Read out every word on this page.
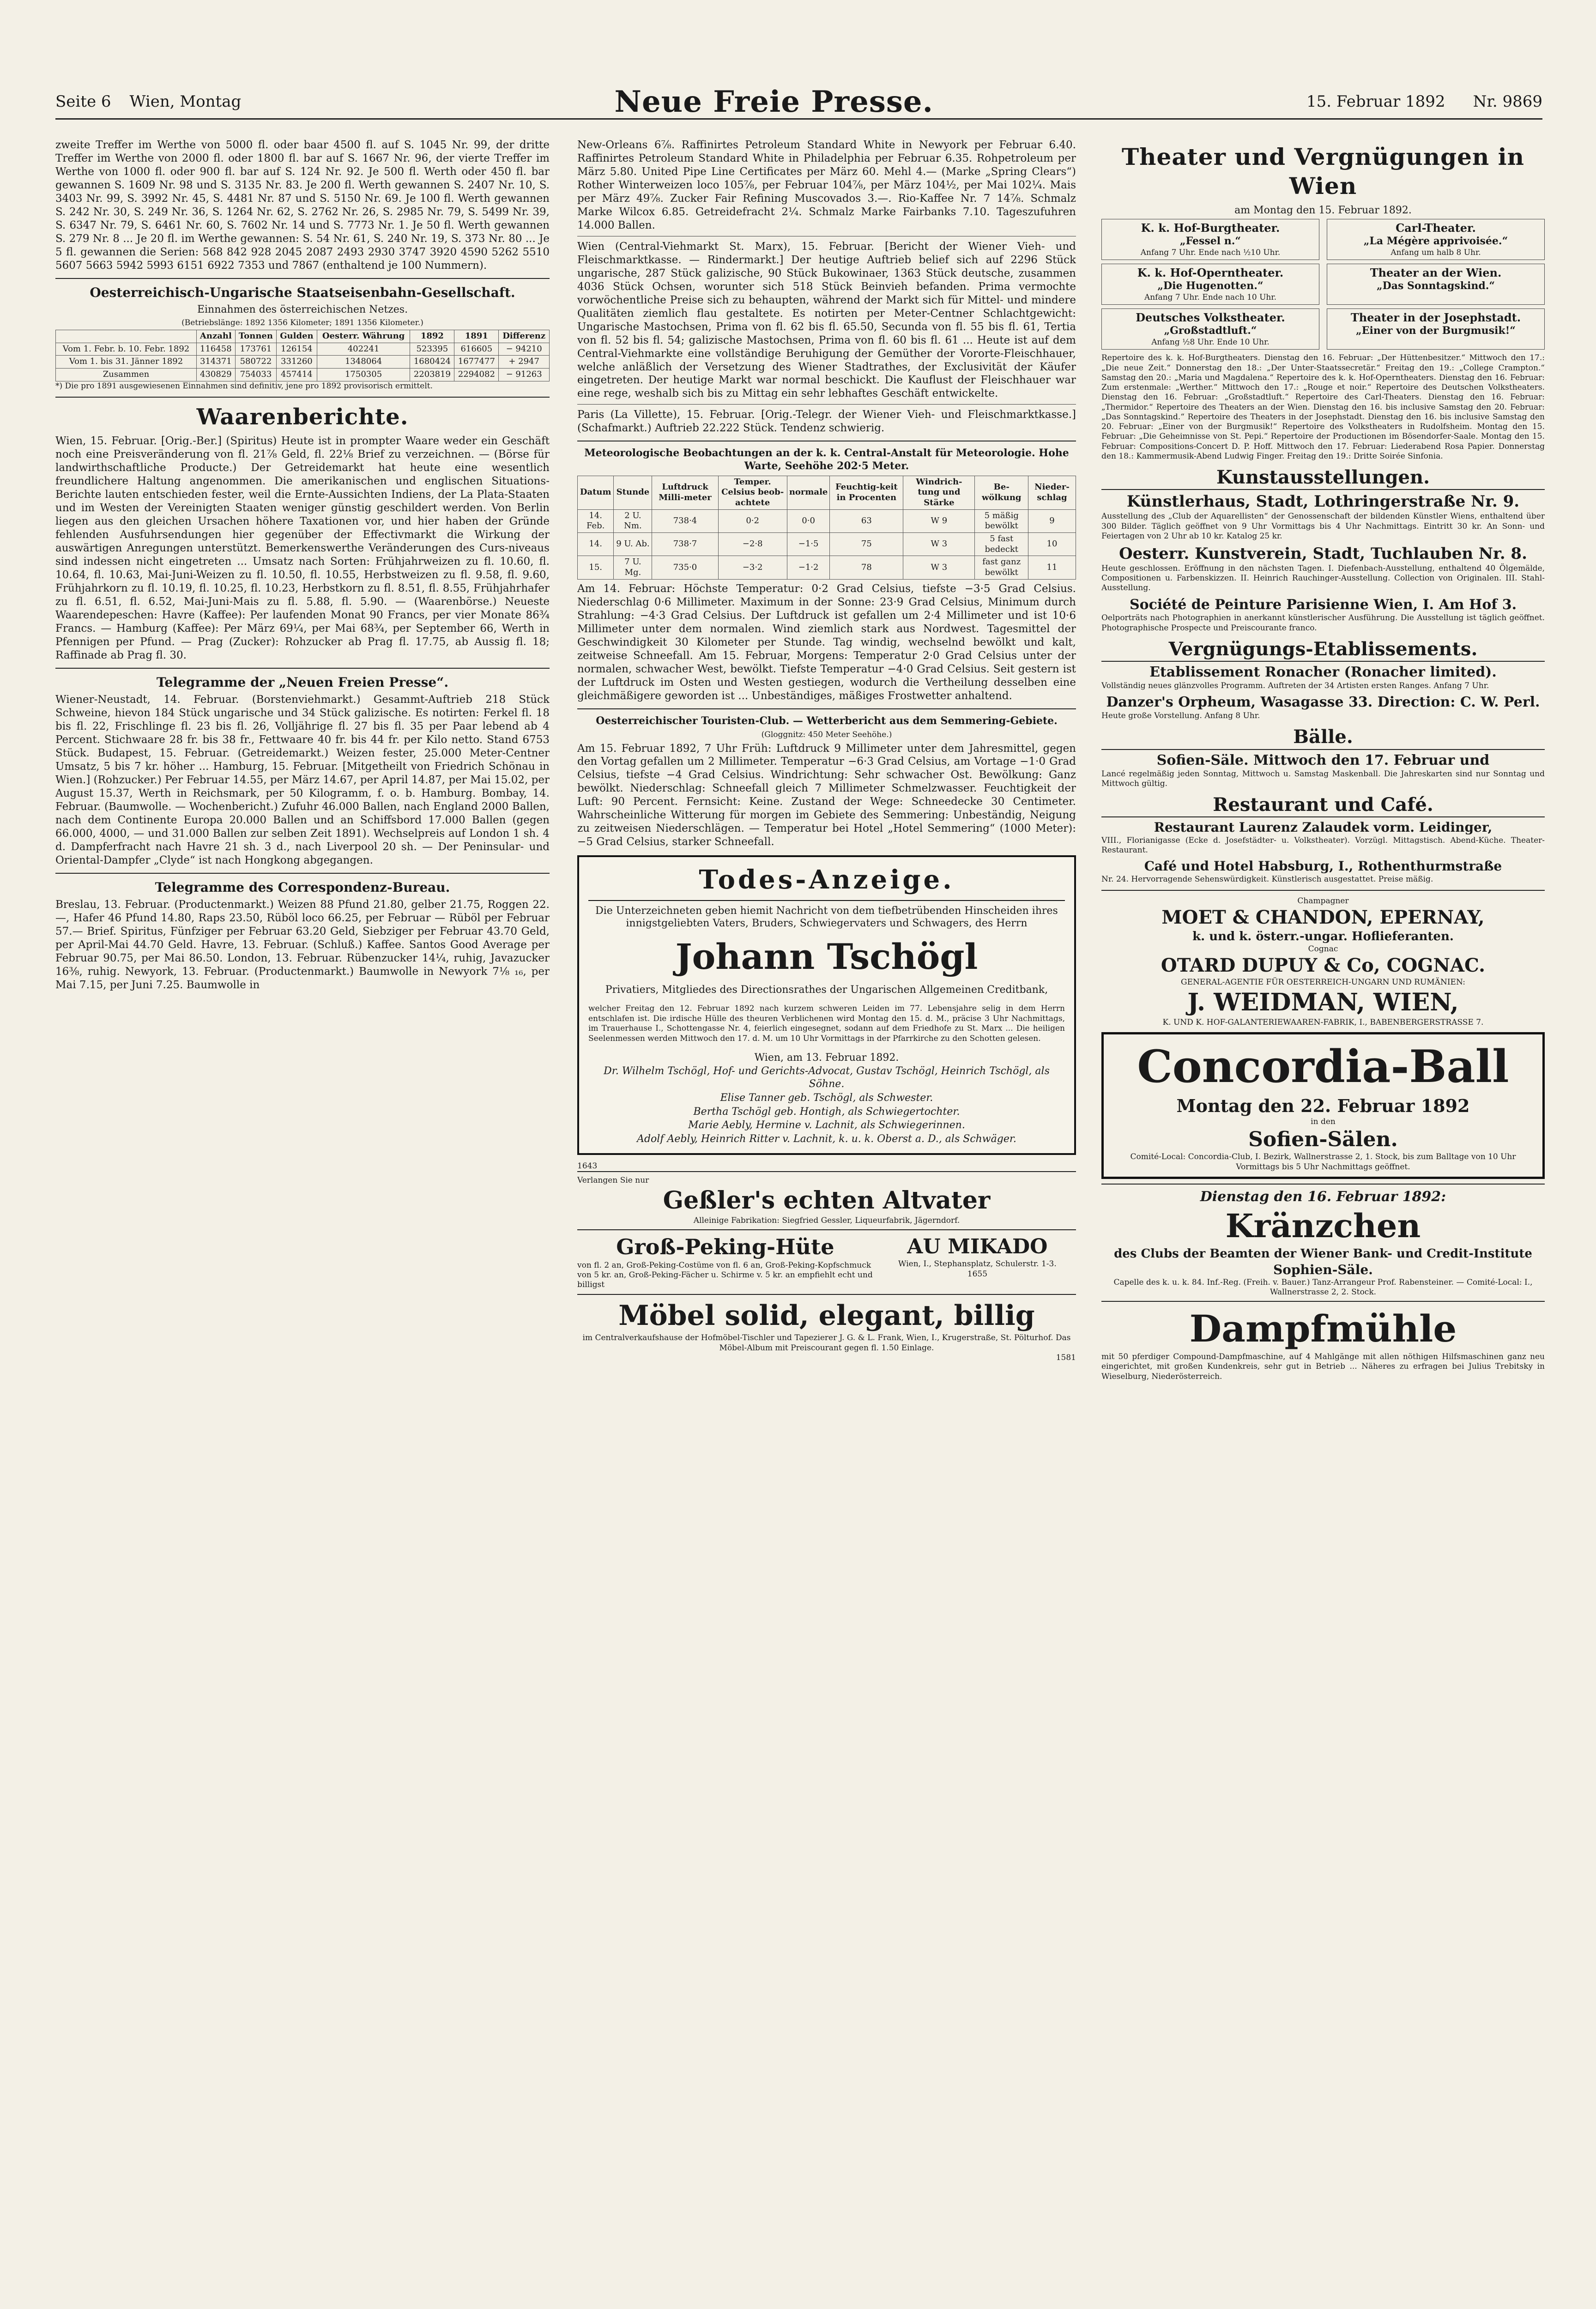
Seite 6 Wien, Montag	Neue Freie Presse.	15. Februar 1892 Nr. 9869

zweite Treffer im Werthe von 5000 fl. oder baar 4500 fl. auf S. 1045 Nr. 99, der dritte Treffer im Werthe von 2000 fl. oder 1800 fl. bar auf S. 1667 Nr. 96, der vierte Treffer im Werthe von 1000 fl. oder 900 fl. bar auf S. 124 Nr. 92. Je 500 fl. Werth oder 450 fl. bar gewannen S. 1609 Nr. 98 und S. 3135 Nr. 83. Je 200 fl. Werth gewannen S. 2407 Nr. 10, S. 3403 Nr. 99, S. 3992 Nr. 45, S. 4481 Nr. 87 und S. 5150 Nr. 69. Je 100 fl. Werth gewannen S. 242 Nr. 30, S. 249 Nr. 36, S. 1264 Nr. 62, S. 2762 Nr. 26, S. 2985 Nr. 79, S. 5499 Nr. 39, S. 6347 Nr. 79, S. 6461 Nr. 60, S. 7602 Nr. 14 und S. 7773 Nr. 1. Je 50 fl. Werth gewannen S. 279 Nr. 8 ... Je 20 fl. im Werthe gewannen: S. 54 Nr. 61, S. 240 Nr. 19, S. 373 Nr. 80 ... Je 5 fl. gewannen die Serien: 568 842 928 2045 2087 2493 2930 3747 3920 4590 5262 5510 5607 5663 5942 5993 6151 6922 7353 und 7867 (enthaltend je 100 Nummern).

Oesterreichisch-Ungarische Staatseisenbahn-Gesellschaft.
Einnahmen des österreichischen Netzes.
(Betriebslänge: 1892 1356 Kilometer; 1891 1356 Kilometer.)
	Anzahl	Tonnen	Gulden	Oesterr. Währung	1892	1891	Differenz
Vom 1. Febr. b. 10. Febr. 1892	116458	173761	126154	402241	523395	616605	− 94210
Vom 1. bis 31. Jänner 1892	314371	580722	331260	1348064	1680424	1677477	+ 2947
Zusammen	430829	754033	457414	1750305	2203819	2294082	− 91263
*) Die pro 1891 ausgewiesenen Einnahmen sind definitiv, jene pro 1892 provisorisch ermittelt.
Waarenberichte.

Wien, 15. Februar. [Orig.-Ber.] (Spiritus) Heute ist in prompter Waare weder ein Geschäft noch eine Preisveränderung von fl. 21⅞ Geld, fl. 22⅛ Brief zu verzeichnen. — (Börse für landwirthschaftliche Producte.) Der Getreidemarkt hat heute eine wesentlich freundlichere Haltung angenommen. Die amerikanischen und englischen Situations-Berichte lauten entschieden fester, weil die Ernte-Aussichten Indiens, der La Plata-Staaten und im Westen der Vereinigten Staaten weniger günstig geschildert werden. Von Berlin liegen aus den gleichen Ursachen höhere Taxationen vor, und hier haben der Gründe fehlenden Ausfuhrsendungen hier gegenüber der Effectivmarkt die Wirkung der auswärtigen Anregungen unterstützt. Bemerkenswerthe Veränderungen des Curs-niveaus sind indessen nicht eingetreten ... Umsatz nach Sorten: Frühjahrweizen zu fl. 10.60, fl. 10.64, fl. 10.63, Mai-Juni-Weizen zu fl. 10.50, fl. 10.55, Herbstweizen zu fl. 9.58, fl. 9.60, Frühjahrkorn zu fl. 10.19, fl. 10.25, fl. 10.23, Herbstkorn zu fl. 8.51, fl. 8.55, Frühjahrhafer zu fl. 6.51, fl. 6.52, Mai-Juni-Mais zu fl. 5.88, fl. 5.90. — (Waarenbörse.) Neueste Waarendepeschen: Havre (Kaffee): Per laufenden Monat 90 Francs, per vier Monate 86¾ Francs. — Hamburg (Kaffee): Per März 69¼, per Mai 68¾, per September 66, Werth in Pfennigen per Pfund. — Prag (Zucker): Rohzucker ab Prag fl. 17.75, ab Aussig fl. 18; Raffinade ab Prag fl. 30.

Telegramme der „Neuen Freien Presse“.

Wiener-Neustadt, 14. Februar. (Borstenviehmarkt.) Gesammt-Auftrieb 218 Stück Schweine, hievon 184 Stück ungarische und 34 Stück galizische. Es notirten: Ferkel fl. 18 bis fl. 22, Frischlinge fl. 23 bis fl. 26, Volljährige fl. 27 bis fl. 35 per Paar lebend ab 4 Percent. Stichwaare 28 fr. bis 38 fr., Fettwaare 40 fr. bis 44 fr. per Kilo netto. Stand 6753 Stück. Budapest, 15. Februar. (Getreidemarkt.) Weizen fester, 25.000 Meter-Centner Umsatz, 5 bis 7 kr. höher ... Hamburg, 15. Februar. [Mitgetheilt von Friedrich Schönau in Wien.] (Rohzucker.) Per Februar 14.55, per März 14.67, per April 14.87, per Mai 15.02, per August 15.37, Werth in Reichsmark, per 50 Kilogramm, f. o. b. Hamburg. Bombay, 14. Februar. (Baumwolle. — Wochenbericht.) Zufuhr 46.000 Ballen, nach England 2000 Ballen, nach dem Continente Europa 20.000 Ballen und an Schiffsbord 17.000 Ballen (gegen 66.000, 4000, — und 31.000 Ballen zur selben Zeit 1891). Wechselpreis auf London 1 sh. 4 d. Dampferfracht nach Havre 21 sh. 3 d., nach Liverpool 20 sh. — Der Peninsular- und Oriental-Dampfer „Clyde“ ist nach Hongkong abgegangen.

Telegramme des Correspondenz-Bureau.

Breslau, 13. Februar. (Productenmarkt.) Weizen 88 Pfund 21.80, gelber 21.75, Roggen 22.—, Hafer 46 Pfund 14.80, Raps 23.50, Rüböl loco 66.25, per Februar — Rüböl per Februar 57.— Brief. Spiritus, Fünfziger per Februar 63.20 Geld, Siebziger per Februar 43.70 Geld, per April-Mai 44.70 Geld. Havre, 13. Februar. (Schluß.) Kaffee. Santos Good Average per Februar 90.75, per Mai 86.50. London, 13. Februar. Rübenzucker 14¼, ruhig, Javazucker 16⅜, ruhig. Newyork, 13. Februar. (Productenmarkt.) Baumwolle in Newyork 7⅛ ₁₆, per Mai 7.15, per Juni 7.25. Baumwolle in

New-Orleans 6⅞. Raffinirtes Petroleum Standard White in Newyork per Februar 6.40. Raffinirtes Petroleum Standard White in Philadelphia per Februar 6.35. Rohpetroleum per März 5.80. United Pipe Line Certificates per März 60. Mehl 4.— (Marke „Spring Clears“) Rother Winterweizen loco 105⅞, per Februar 104⅞, per März 104½, per Mai 102¼. Mais per März 49⅞. Zucker Fair Refining Muscovados 3.—. Rio-Kaffee Nr. 7 14⅞. Schmalz Marke Wilcox 6.85. Getreidefracht 2¼. Schmalz Marke Fairbanks 7.10. Tageszufuhren 14.000 Ballen.

Wien (Central-Viehmarkt St. Marx), 15. Februar. [Bericht der Wiener Vieh- und Fleischmarktkasse. — Rindermarkt.] Der heutige Auftrieb belief sich auf 2296 Stück ungarische, 287 Stück galizische, 90 Stück Bukowinaer, 1363 Stück deutsche, zusammen 4036 Stück Ochsen, worunter sich 518 Stück Beinvieh befanden. Prima vermochte vorwöchentliche Preise sich zu behaupten, während der Markt sich für Mittel- und mindere Qualitäten ziemlich flau gestaltete. Es notirten per Meter-Centner Schlachtgewicht: Ungarische Mastochsen, Prima von fl. 62 bis fl. 65.50, Secunda von fl. 55 bis fl. 61, Tertia von fl. 52 bis fl. 54; galizische Mastochsen, Prima von fl. 60 bis fl. 61 ... Heute ist auf dem Central-Viehmarkte eine vollständige Beruhigung der Gemüther der Vororte-Fleischhauer, welche anläßlich der Versetzung des Wiener Stadtrathes, der Exclusivität der Käufer eingetreten. Der heutige Markt war normal beschickt. Die Kauflust der Fleischhauer war eine rege, weshalb sich bis zu Mittag ein sehr lebhaftes Geschäft entwickelte.

Paris (La Villette), 15. Februar. [Orig.-Telegr. der Wiener Vieh- und Fleischmarktkasse.] (Schafmarkt.) Auftrieb 22.222 Stück. Tendenz schwierig.

Meteorologische Beobachtungen an der k. k. Central-Anstalt für Meteorologie. Hohe Warte, Seehöhe 202·5 Meter.
Datum	Stunde	Luftdruck Milli-meter	Temper. Celsius beob-achtete	normale	Feuchtig-keit in Procenten	Windrich-tung und Stärke	Be-wölkung	Nieder-schlag
14. Feb.	2 U. Nm.	738·4	0·2	0·0	63	W 9	5 mäßig bewölkt	9
14.	9 U. Ab.	738·7	−2·8	−1·5	75	W 3	5 fast bedeckt	10
15.	7 U. Mg.	735·0	−3·2	−1·2	78	W 3	fast ganz bewölkt	11

Am 14. Februar: Höchste Temperatur: 0·2 Grad Celsius, tiefste −3·5 Grad Celsius. Niederschlag 0·6 Millimeter. Maximum in der Sonne: 23·9 Grad Celsius, Minimum durch Strahlung: −4·3 Grad Celsius. Der Luftdruck ist gefallen um 2·4 Millimeter und ist 10·6 Millimeter unter dem normalen. Wind ziemlich stark aus Nordwest. Tagesmittel der Geschwindigkeit 30 Kilometer per Stunde. Tag windig, wechselnd bewölkt und kalt, zeitweise Schneefall. Am 15. Februar, Morgens: Temperatur 2·0 Grad Celsius unter der normalen, schwacher West, bewölkt. Tiefste Temperatur −4·0 Grad Celsius. Seit gestern ist der Luftdruck im Osten und Westen gestiegen, wodurch die Vertheilung desselben eine gleichmäßigere geworden ist ... Unbeständiges, mäßiges Frostwetter anhaltend.

Oesterreichischer Touristen-Club. — Wetterbericht aus dem Semmering-Gebiete.
(Gloggnitz: 450 Meter Seehöhe.)

Am 15. Februar 1892, 7 Uhr Früh: Luftdruck 9 Millimeter unter dem Jahresmittel, gegen den Vortag gefallen um 2 Millimeter. Temperatur −6·3 Grad Celsius, am Vortage −1·0 Grad Celsius, tiefste −4 Grad Celsius. Windrichtung: Sehr schwacher Ost. Bewölkung: Ganz bewölkt. Niederschlag: Schneefall gleich 7 Millimeter Schmelzwasser. Feuchtigkeit der Luft: 90 Percent. Fernsicht: Keine. Zustand der Wege: Schneedecke 30 Centimeter. Wahrscheinliche Witterung für morgen im Gebiete des Semmering: Unbeständig, Neigung zu zeitweisen Niederschlägen. — Temperatur bei Hotel „Hotel Semmering“ (1000 Meter): −5 Grad Celsius, starker Schneefall.

Todes-Anzeige.
Die Unterzeichneten geben hiemit Nachricht von dem tiefbetrübenden Hinscheiden ihres innigstgeliebten Vaters, Bruders, Schwiegervaters und Schwagers, des Herrn
Johann Tschögl
Privatiers, Mitgliedes des Directionsrathes der Ungarischen Allgemeinen Creditbank,

welcher Freitag den 12. Februar 1892 nach kurzem schweren Leiden im 77. Lebensjahre selig in dem Herrn entschlafen ist. Die irdische Hülle des theuren Verblichenen wird Montag den 15. d. M., präcise 3 Uhr Nachmittags, im Trauerhause I., Schottengasse Nr. 4, feierlich eingesegnet, sodann auf dem Friedhofe zu St. Marx ... Die heiligen Seelenmessen werden Mittwoch den 17. d. M. um 10 Uhr Vormittags in der Pfarrkirche zu den Schotten gelesen.

Wien, am 13. Februar 1892.
Dr. Wilhelm Tschögl, Hof- und Gerichts-Advocat, Gustav Tschögl, Heinrich Tschögl, als Söhne.
Elise Tanner geb. Tschögl, als Schwester.
Bertha Tschögl geb. Hontigh, als Schwiegertochter.
Marie Aebly, Hermine v. Lachnit, als Schwiegerinnen.
Adolf Aebly, Heinrich Ritter v. Lachnit, k. u. k. Oberst a. D., als Schwäger.
1643
Verlangen Sie nur
Geßler's echten Altvater
Alleinige Fabrikation: Siegfried Gessler, Liqueurfabrik, Jägerndorf.
Groß-Peking-Hüte
von fl. 2 an, Groß-Peking-Costüme von fl. 6 an, Groß-Peking-Kopfschmuck von 5 kr. an, Groß-Peking-Fächer u. Schirme v. 5 kr. an empfiehlt echt und billigst
AU MIKADO
Wien, I., Stephansplatz, Schulerstr. 1-3.
1655
Möbel solid, elegant, billig
im Centralverkaufshause der Hofmöbel-Tischler und Tapezierer J. G. & L. Frank, Wien, I., Krugerstraße, St. Pölturhof. Das Möbel-Album mit Preiscourant gegen fl. 1.50 Einlage.
1581
Theater und Vergnügungen in Wien
am Montag den 15. Februar 1892.
K. k. Hof-Burgtheater.
„Fessel n.“
Anfang 7 Uhr. Ende nach ½10 Uhr.
Carl-Theater.
„La Mégère apprivoisée.“
Anfang um halb 8 Uhr.
K. k. Hof-Operntheater.
„Die Hugenotten.“
Anfang 7 Uhr. Ende nach 10 Uhr.
Theater an der Wien.
„Das Sonntagskind.“
Deutsches Volkstheater.
„Großstadtluft.“
Anfang ½8 Uhr. Ende 10 Uhr.
Theater in der Josephstadt.
„Einer von der Burgmusik!“

Repertoire des k. k. Hof-Burgtheaters. Dienstag den 16. Februar: „Der Hüttenbesitzer.“ Mittwoch den 17.: „Die neue Zeit.“ Donnerstag den 18.: „Der Unter-Staatssecretär.“ Freitag den 19.: „College Crampton.“ Samstag den 20.: „Maria und Magdalena.“ Repertoire des k. k. Hof-Operntheaters. Dienstag den 16. Februar: Zum erstenmale: „Werther.“ Mittwoch den 17.: „Rouge et noir.“ Repertoire des Deutschen Volkstheaters. Dienstag den 16. Februar: „Großstadtluft.“ Repertoire des Carl-Theaters. Dienstag den 16. Februar: „Thermidor.“ Repertoire des Theaters an der Wien. Dienstag den 16. bis inclusive Samstag den 20. Februar: „Das Sonntagskind.“ Repertoire des Theaters in der Josephstadt. Dienstag den 16. bis inclusive Samstag den 20. Februar: „Einer von der Burgmusik!“ Repertoire des Volkstheaters in Rudolfsheim. Montag den 15. Februar: „Die Geheimnisse von St. Pepi.“ Repertoire der Productionen im Bösendorfer-Saale. Montag den 15. Februar: Compositions-Concert D. P. Hoff. Mittwoch den 17. Februar: Liederabend Rosa Papier. Donnerstag den 18.: Kammermusik-Abend Ludwig Finger. Freitag den 19.: Dritte Soirée Sinfonia.

Kunstausstellungen.
Künstlerhaus, Stadt, Lothringerstraße Nr. 9.

Ausstellung des „Club der Aquarellisten“ der Genossenschaft der bildenden Künstler Wiens, enthaltend über 300 Bilder. Täglich geöffnet von 9 Uhr Vormittags bis 4 Uhr Nachmittags. Eintritt 30 kr. An Sonn- und Feiertagen von 2 Uhr ab 10 kr. Katalog 25 kr.

Oesterr. Kunstverein, Stadt, Tuchlauben Nr. 8.

Heute geschlossen. Eröffnung in den nächsten Tagen. I. Diefenbach-Ausstellung, enthaltend 40 Ölgemälde, Compositionen u. Farbenskizzen. II. Heinrich Rauchinger-Ausstellung. Collection von Originalen. III. Stahl-Ausstellung.

Société de Peinture Parisienne Wien, I. Am Hof 3.

Oelporträts nach Photographien in anerkannt künstlerischer Ausführung. Die Ausstellung ist täglich geöffnet. Photographische Prospecte und Preiscourante franco.

Vergnügungs-Etablissements.
Etablissement Ronacher (Ronacher limited).

Vollständig neues glänzvolles Programm. Auftreten der 34 Artisten ersten Ranges. Anfang 7 Uhr.

Danzer's Orpheum, Wasagasse 33. Direction: C. W. Perl.

Heute große Vorstellung. Anfang 8 Uhr.

Bälle.
Sofien-Säle. Mittwoch den 17. Februar und

Lancé regelmäßig jeden Sonntag, Mittwoch u. Samstag Maskenball. Die Jahreskarten sind nur Sonntag und Mittwoch gültig.

Restaurant und Café.
Restaurant Laurenz Zalaudek vorm. Leidinger,

VIII., Florianigasse (Ecke d. Josefstädter- u. Volkstheater). Vorzügl. Mittagstisch. Abend-Küche. Theater-Restaurant.

Café und Hotel Habsburg, I., Rothenthurmstraße

Nr. 24. Hervorragende Sehenswürdigkeit. Künstlerisch ausgestattet. Preise mäßig.

Champagner
MOET & CHANDON, EPERNAY,
k. und k. österr.-ungar. Hoflieferanten.
Cognac
OTARD DUPUY & Co, COGNAC.
GENERAL-AGENTIE FÜR OESTERREICH-UNGARN UND RUMÄNIEN:
J. WEIDMAN, WIEN,
K. UND K. HOF-GALANTERIEWAAREN-FABRIK, I., BABENBERGERSTRASSE 7.
Concordia-Ball
Montag den 22. Februar 1892
in den
Sofien-Sälen.
Comité-Local: Concordia-Club, I. Bezirk, Wallnerstrasse 2, 1. Stock, bis zum Balltage von 10 Uhr Vormittags bis 5 Uhr Nachmittags geöffnet.
Dienstag den 16. Februar 1892:
Kränzchen
des Clubs der Beamten der Wiener Bank- und Credit-Institute
Sophien-Säle.
Capelle des k. u. k. 84. Inf.-Reg. (Freih. v. Bauer.) Tanz-Arrangeur Prof. Rabensteiner. — Comité-Local: I., Wallnerstrasse 2, 2. Stock.
Dampfmühle

mit 50 pferdiger Compound-Dampfmaschine, auf 4 Mahlgänge mit allen nöthigen Hilfsmaschinen ganz neu eingerichtet, mit großen Kundenkreis, sehr gut in Betrieb ... Näheres zu erfragen bei Julius Trebitsky in Wieselburg, Niederösterreich.
